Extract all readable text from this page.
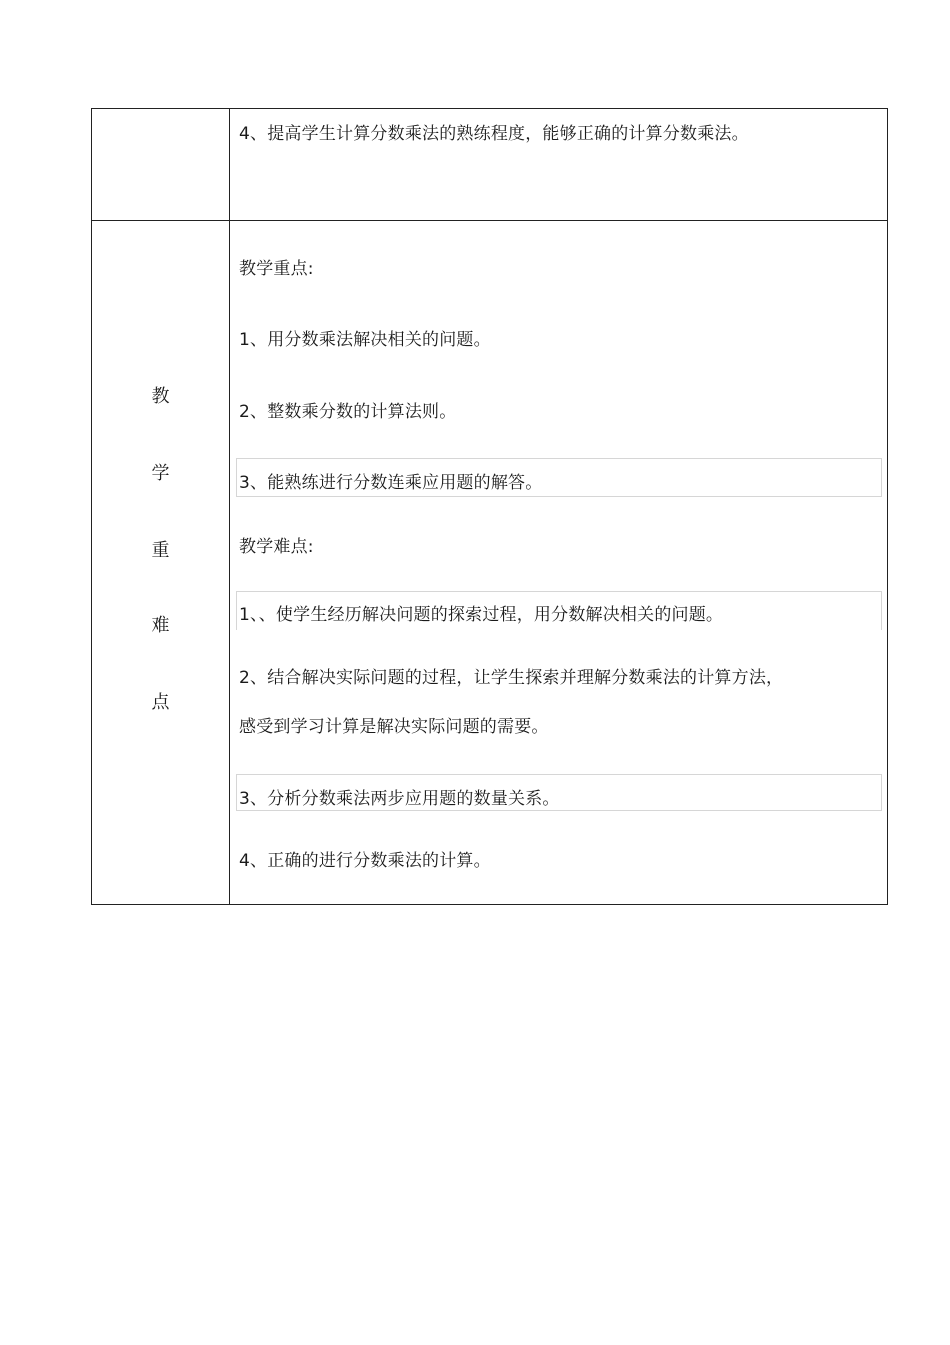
4、提高学生计算分数乘法的熟练程度，能够正确的计算分数乘法。
教
学
重
难
点
教学重点:
1、用分数乘法解决相关的问题。
2、整数乘分数的计算法则。
3、能熟练进行分数连乘应用题的解答。
教学难点:
1、、使学生经历解决问题的探索过程，用分数解决相关的问题。
2、结合解决实际问题的过程，让学生探索并理解分数乘法的计算方法，
感受到学习计算是解决实际问题的需要。
3、分析分数乘法两步应用题的数量关系。
4、正确的进行分数乘法的计算。
